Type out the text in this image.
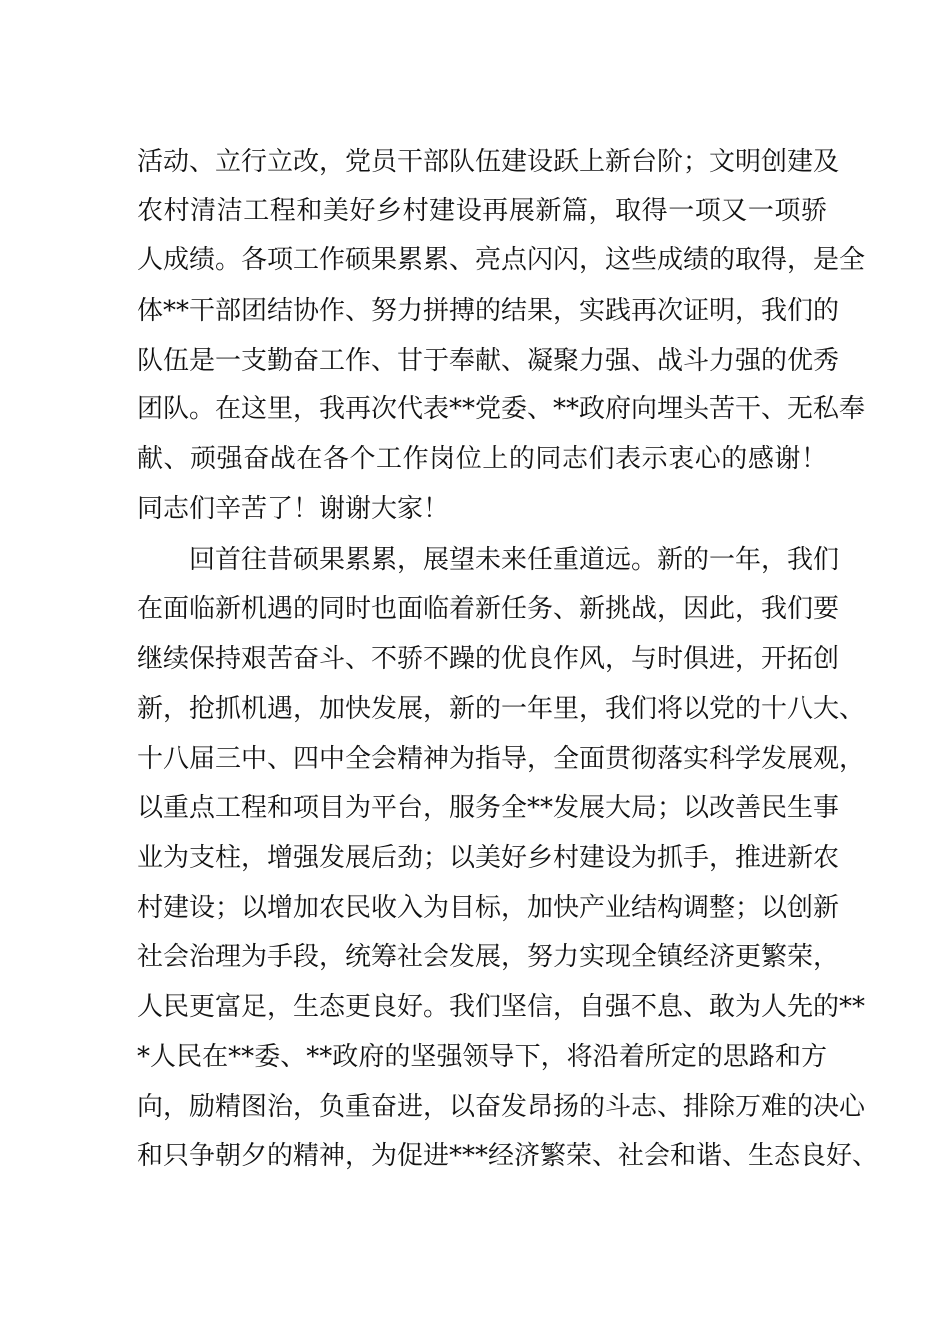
活动、立行立改，党员干部队伍建设跃上新台阶；文明创建及
农村清洁工程和美好乡村建设再展新篇，取得一项又一项骄
人成绩。各项工作硕果累累、亮点闪闪，这些成绩的取得，是全
体**干部团结协作、努力拼搏的结果，实践再次证明，我们的
队伍是一支勤奋工作、甘于奉献、凝聚力强、战斗力强的优秀
团队。在这里，我再次代表**党委、**政府向埋头苦干、无私奉
献、顽强奋战在各个工作岗位上的同志们表示衷心的感谢！
同志们辛苦了！谢谢大家！
回首往昔硕果累累，展望未来任重道远。新的一年，我们
在面临新机遇的同时也面临着新任务、新挑战，因此，我们要
继续保持艰苦奋斗、不骄不躁的优良作风，与时俱进，开拓创
新，抢抓机遇，加快发展，新的一年里，我们将以党的十八大、
十八届三中、四中全会精神为指导，全面贯彻落实科学发展观，
以重点工程和项目为平台，服务全**发展大局；以改善民生事
业为支柱，增强发展后劲；以美好乡村建设为抓手，推进新农
村建设；以增加农民收入为目标，加快产业结构调整；以创新
社会治理为手段，统筹社会发展，努力实现全镇经济更繁荣，
人民更富足，生态更良好。我们坚信，自强不息、敢为人先的**
*人民在**委、**政府的坚强领导下，将沿着所定的思路和方
向，励精图治，负重奋进，以奋发昂扬的斗志、排除万难的决心
和只争朝夕的精神，为促进***经济繁荣、社会和谐、生态良好、
